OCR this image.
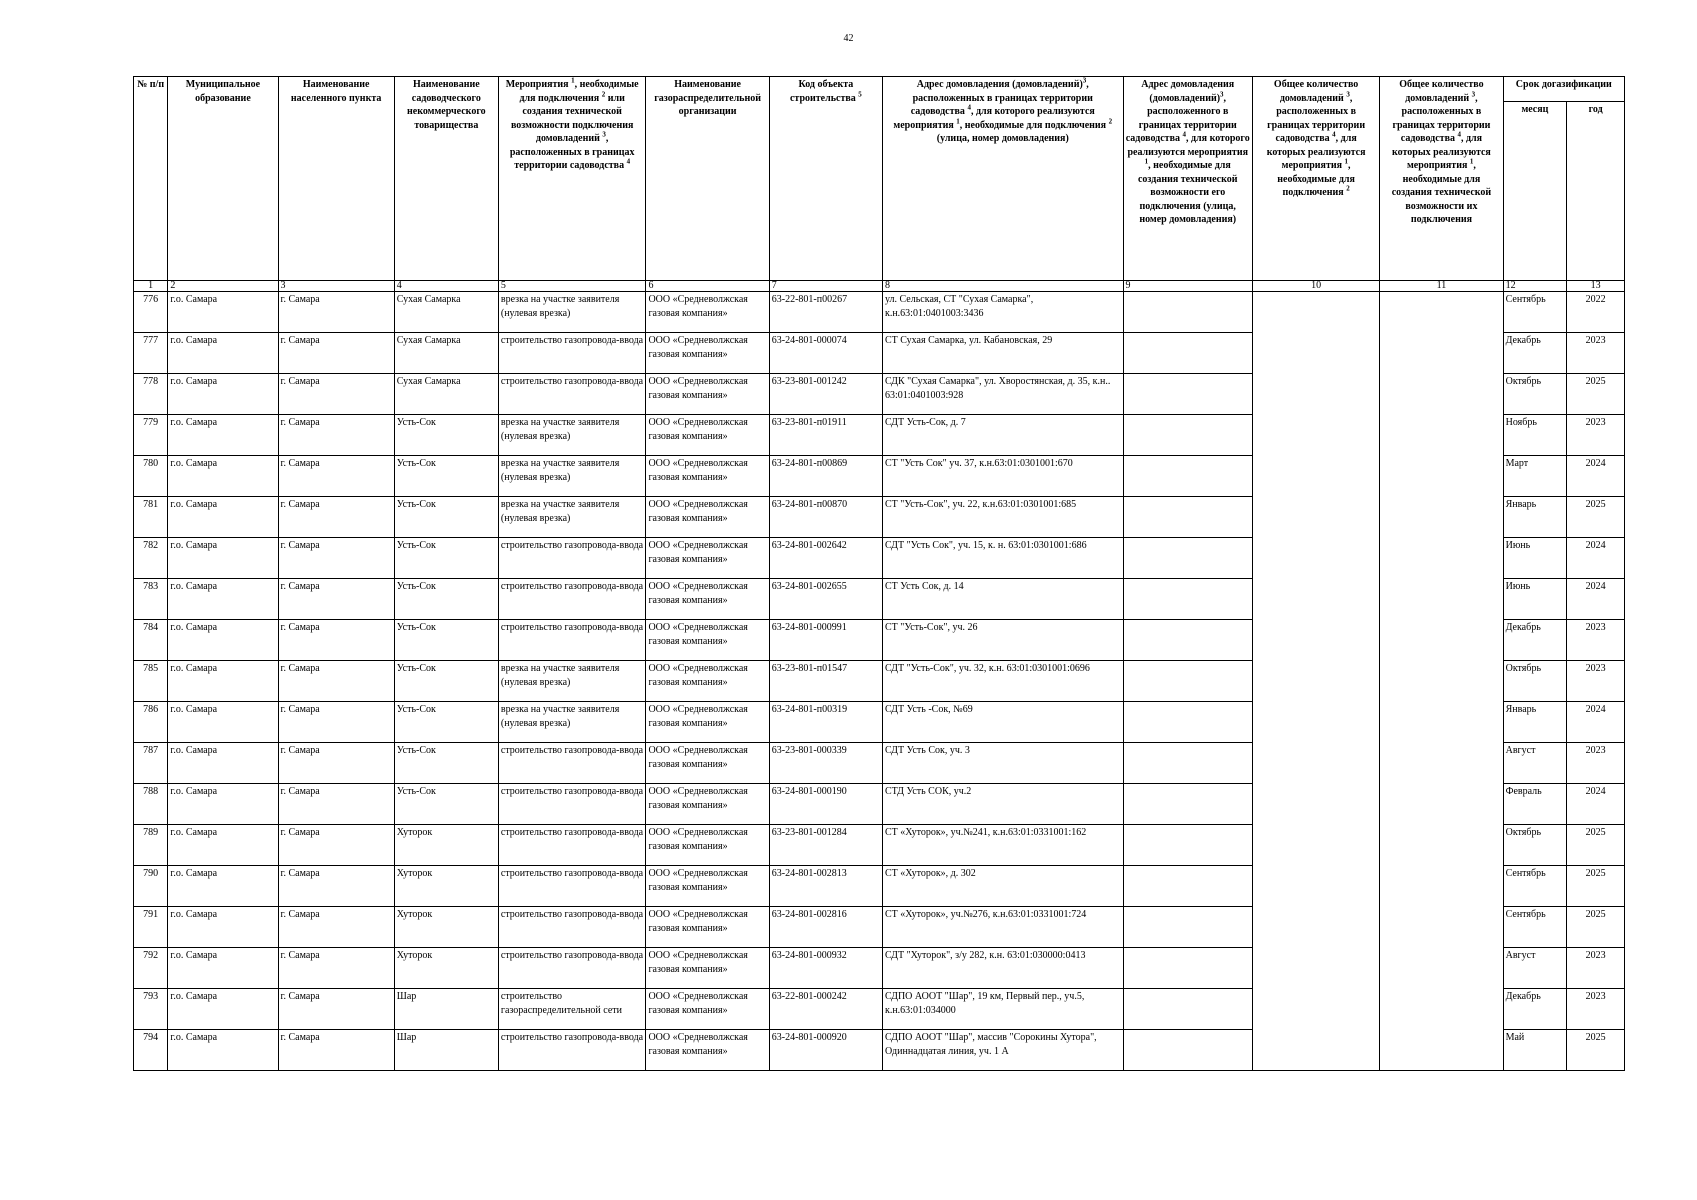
42
№ п/п	Муниципальное образование	Наименование населенного пункта	Наименование садоводческого некоммерческого товарищества	Мероприятия $^1$, необходимые для подключения $^2$ или создания технической возможности подключения домовладений $^3$, расположенных в границах территории садоводства $^4$	Наименование газораспределительной организации	Код объекта строительства $^5$	Адрес домовладения (домовладений)$^3$, расположенных в границах территории садоводства $^4$, для которого реализуются мероприятия $^1$, необходимые для подключения $^2$ (улица, номер домовладения)	Адрес домовладения (домовладений)$^3$, расположенного в границах территории садоводства $^4$, для которого реализуются мероприятия $^1$, необходимые для создания технической возможности его подключения (улица, номер домовладения)	Общее количество домовладений $^3$, расположенных в границах территории садоводства $^4$, для которых реализуются мероприятия $^1$, необходимые для подключения $^2$	Общее количество домовладений $^3$, расположенных в границах территории садоводства $^4$, для которых реализуются мероприятия $^1$, необходимые для создания технической возможности их подключения	Срок догазификации	
											месяц	год
1	2	3	4	5	6	7	8	9	10	11	12	13
776	г.о. Самара	г. Самара	Сухая Самарка	врезка на участке заявителя (нулевая врезка)	ООО «Средневолжская газовая компания»	63-22-801-п00267	ул. Сельская, СТ "Сухая Самарка", к.н.63:01:0401003:3436				Сентябрь	2022
777	г.о. Самара	г. Самара	Сухая Самарка	строительство газопровода-ввода	ООО «Средневолжская газовая компания»	63-24-801-000074	СТ Сухая Самарка, ул. Кабановская, 29				Декабрь	2023
778	г.о. Самара	г. Самара	Сухая Самарка	строительство газопровода-ввода	ООО «Средневолжская газовая компания»	63-23-801-001242	СДК "Сухая Самарка", ул. Хворостянская, д. 35, к.н.. 63:01:0401003:928				Октябрь	2025
779	г.о. Самара	г. Самара	Усть-Сок	врезка на участке заявителя (нулевая врезка)	ООО «Средневолжская газовая компания»	63-23-801-п01911	СДТ Усть-Сок, д. 7				Ноябрь	2023
780	г.о. Самара	г. Самара	Усть-Сок	врезка на участке заявителя (нулевая врезка)	ООО «Средневолжская газовая компания»	63-24-801-п00869	СТ "Усть Сок" уч. 37, к.н.63:01:0301001:670				Март	2024
781	г.о. Самара	г. Самара	Усть-Сок	врезка на участке заявителя (нулевая врезка)	ООО «Средневолжская газовая компания»	63-24-801-п00870	СТ "Усть-Сок", уч. 22, к.н.63:01:0301001:685				Январь	2025
782	г.о. Самара	г. Самара	Усть-Сок	строительство газопровода-ввода	ООО «Средневолжская газовая компания»	63-24-801-002642	СДТ "Усть Сок", уч. 15, к. н. 63:01:0301001:686				Июнь	2024
783	г.о. Самара	г. Самара	Усть-Сок	строительство газопровода-ввода	ООО «Средневолжская газовая компания»	63-24-801-002655	СТ Усть Сок, д. 14				Июнь	2024
784	г.о. Самара	г. Самара	Усть-Сок	строительство газопровода-ввода	ООО «Средневолжская газовая компания»	63-24-801-000991	СТ "Усть-Сок", уч. 26				Декабрь	2023
785	г.о. Самара	г. Самара	Усть-Сок	врезка на участке заявителя (нулевая врезка)	ООО «Средневолжская газовая компания»	63-23-801-п01547	СДТ "Усть-Сок", уч. 32, к.н. 63:01:0301001:0696				Октябрь	2023
786	г.о. Самара	г. Самара	Усть-Сок	врезка на участке заявителя (нулевая врезка)	ООО «Средневолжская газовая компания»	63-24-801-п00319	СДТ Усть -Сок, №69				Январь	2024
787	г.о. Самара	г. Самара	Усть-Сок	строительство газопровода-ввода	ООО «Средневолжская газовая компания»	63-23-801-000339	СДТ Усть Сок, уч. 3				Август	2023
788	г.о. Самара	г. Самара	Усть-Сок	строительство газопровода-ввода	ООО «Средневолжская газовая компания»	63-24-801-000190	СТД Усть СОК, уч.2				Февраль	2024
789	г.о. Самара	г. Самара	Хуторок	строительство газопровода-ввода	ООО «Средневолжская газовая компания»	63-23-801-001284	СТ «Хуторок», уч.№241, к.н.63:01:0331001:162				Октябрь	2025
790	г.о. Самара	г. Самара	Хуторок	строительство газопровода-ввода	ООО «Средневолжская газовая компания»	63-24-801-002813	СТ «Хуторок», д. 302				Сентябрь	2025
791	г.о. Самара	г. Самара	Хуторок	строительство газопровода-ввода	ООО «Средневолжская газовая компания»	63-24-801-002816	СТ «Хуторок», уч.№276, к.н.63:01:0331001:724				Сентябрь	2025
792	г.о. Самара	г. Самара	Хуторок	строительство газопровода-ввода	ООО «Средневолжская газовая компания»	63-24-801-000932	СДТ "Хуторок", з/у 282, к.н. 63:01:030000:0413				Август	2023
793	г.о. Самара	г. Самара	Шар	строительство газораспределительной сети	ООО «Средневолжская газовая компания»	63-22-801-000242	СДПО АООТ "Шар", 19 км, Первый пер., уч.5, к.н.63:01:034000				Декабрь	2023
794	г.о. Самара	г. Самара	Шар	строительство газопровода-ввода	ООО «Средневолжская газовая компания»	63-24-801-000920	СДПО АООТ "Шар", массив "Сорокины Хутора", Одиннадцатая линия, уч. 1 А				Май	2025
